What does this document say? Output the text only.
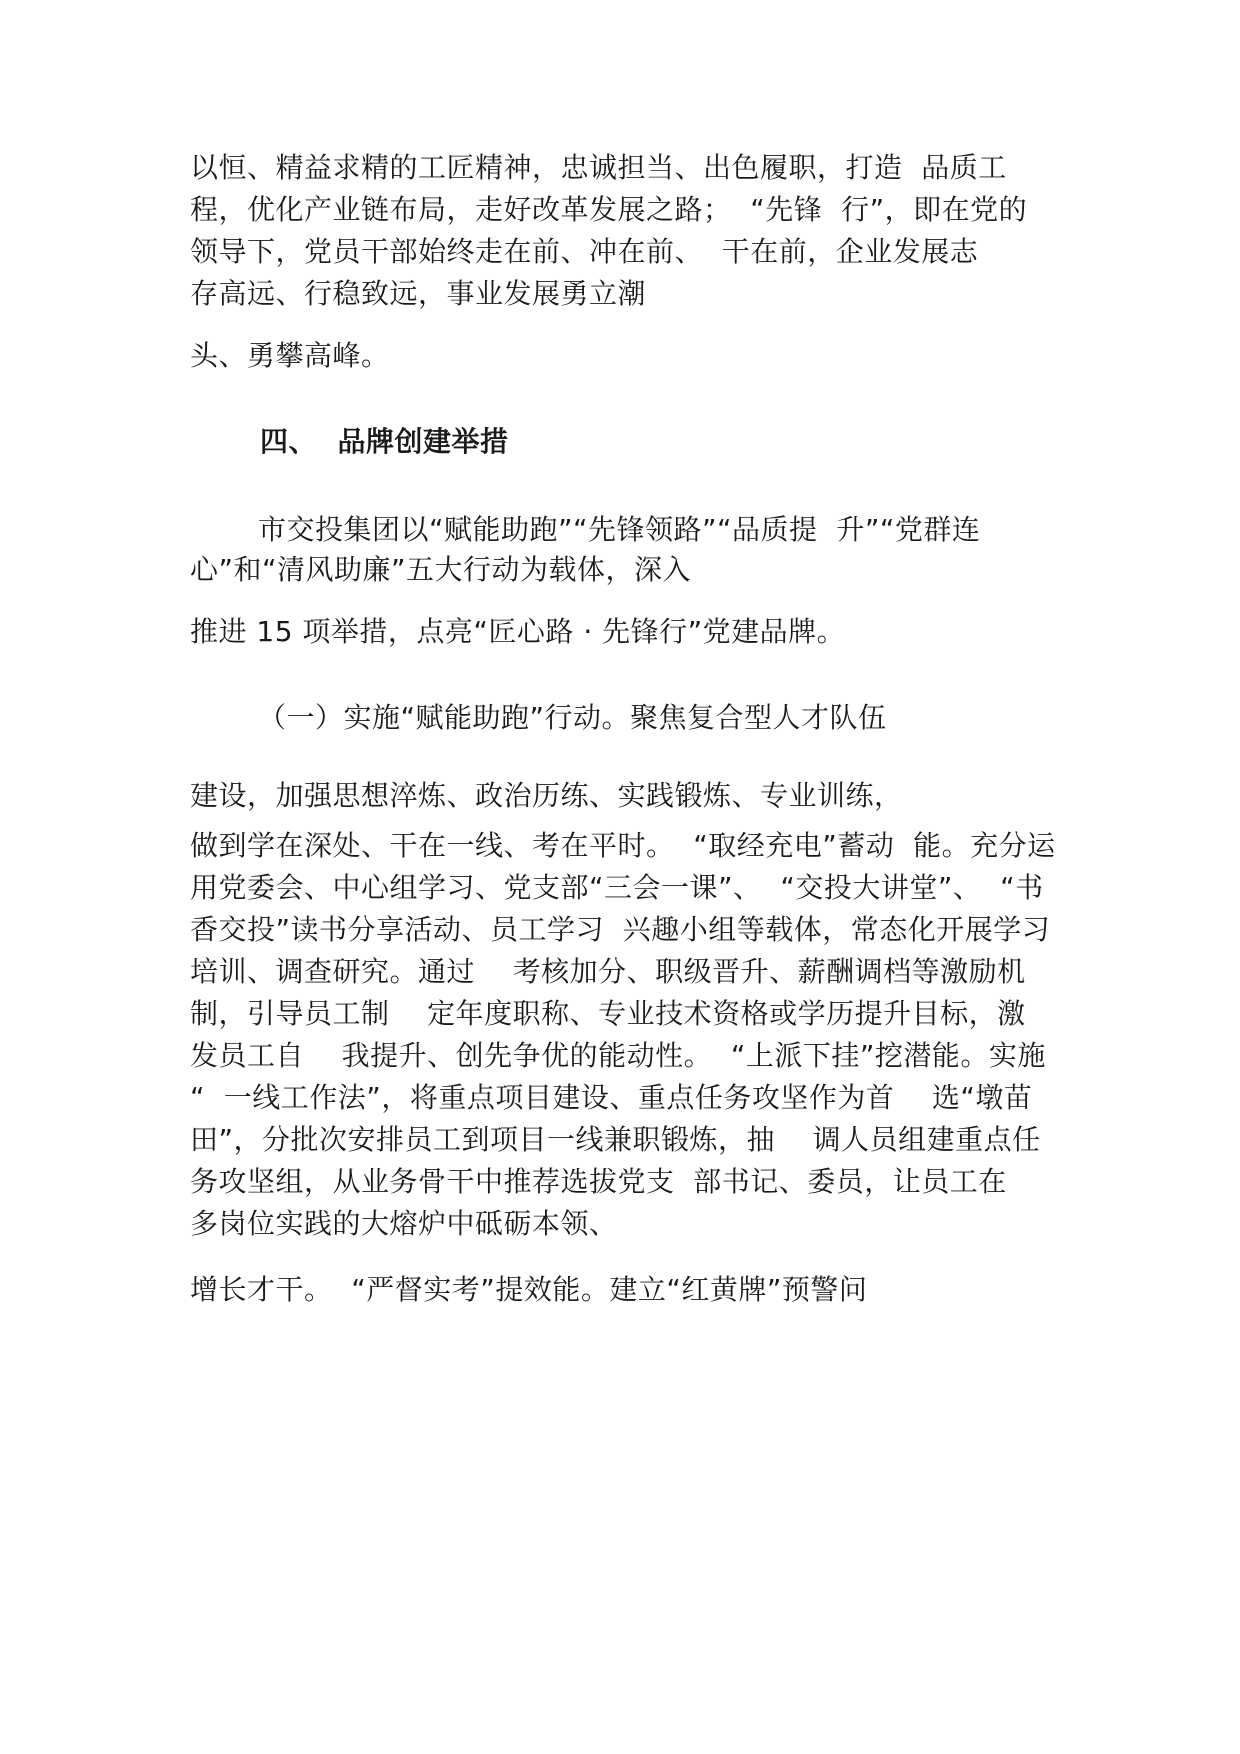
以恒、精益求精的工匠精神，忠诚担当、出色履职，打造  品质工
程，优化产业链布局，走好改革发展之路；  “先锋  行”，即在党的
领导下，党员干部始终走在前、冲在前、  干在前，企业发展志
存高远、行稳致远，事业发展勇立潮
头、勇攀高峰。
四、  品牌创建举措
市交投集团以“赋能助跑”“先锋领路”“品质提  升”“党群连
心”和“清风助廉”五大行动为载体，深入
推进 15 项举措，点亮“匠心路 · 先锋行”党建品牌。
（一）实施“赋能助跑”行动。聚焦复合型人才队伍
建设，加强思想淬炼、政治历练、实践锻炼、专业训练，
做到学在深处、干在一线、考在平时。  “取经充电”蓄动  能。充分运
用党委会、中心组学习、党支部“三会一课”、  “交投大讲堂”、  “书
香交投”读书分享活动、员工学习  兴趣小组等载体，常态化开展学习
培训、调查研究。通过    考核加分、职级晋升、薪酬调档等激励机
制，引导员工制    定年度职称、专业技术资格或学历提升目标，激
发员工自    我提升、创先争优的能动性。  “上派下挂”挖潜能。实施
“  一线工作法”，将重点项目建设、重点任务攻坚作为首    选“墩苗
田”，分批次安排员工到项目一线兼职锻炼，抽    调人员组建重点任
务攻坚组，从业务骨干中推荐选拔党支  部书记、委员，让员工在
多岗位实践的大熔炉中砥砺本领、
增长才干。  “严督实考”提效能。建立“红黄牌”预警问
